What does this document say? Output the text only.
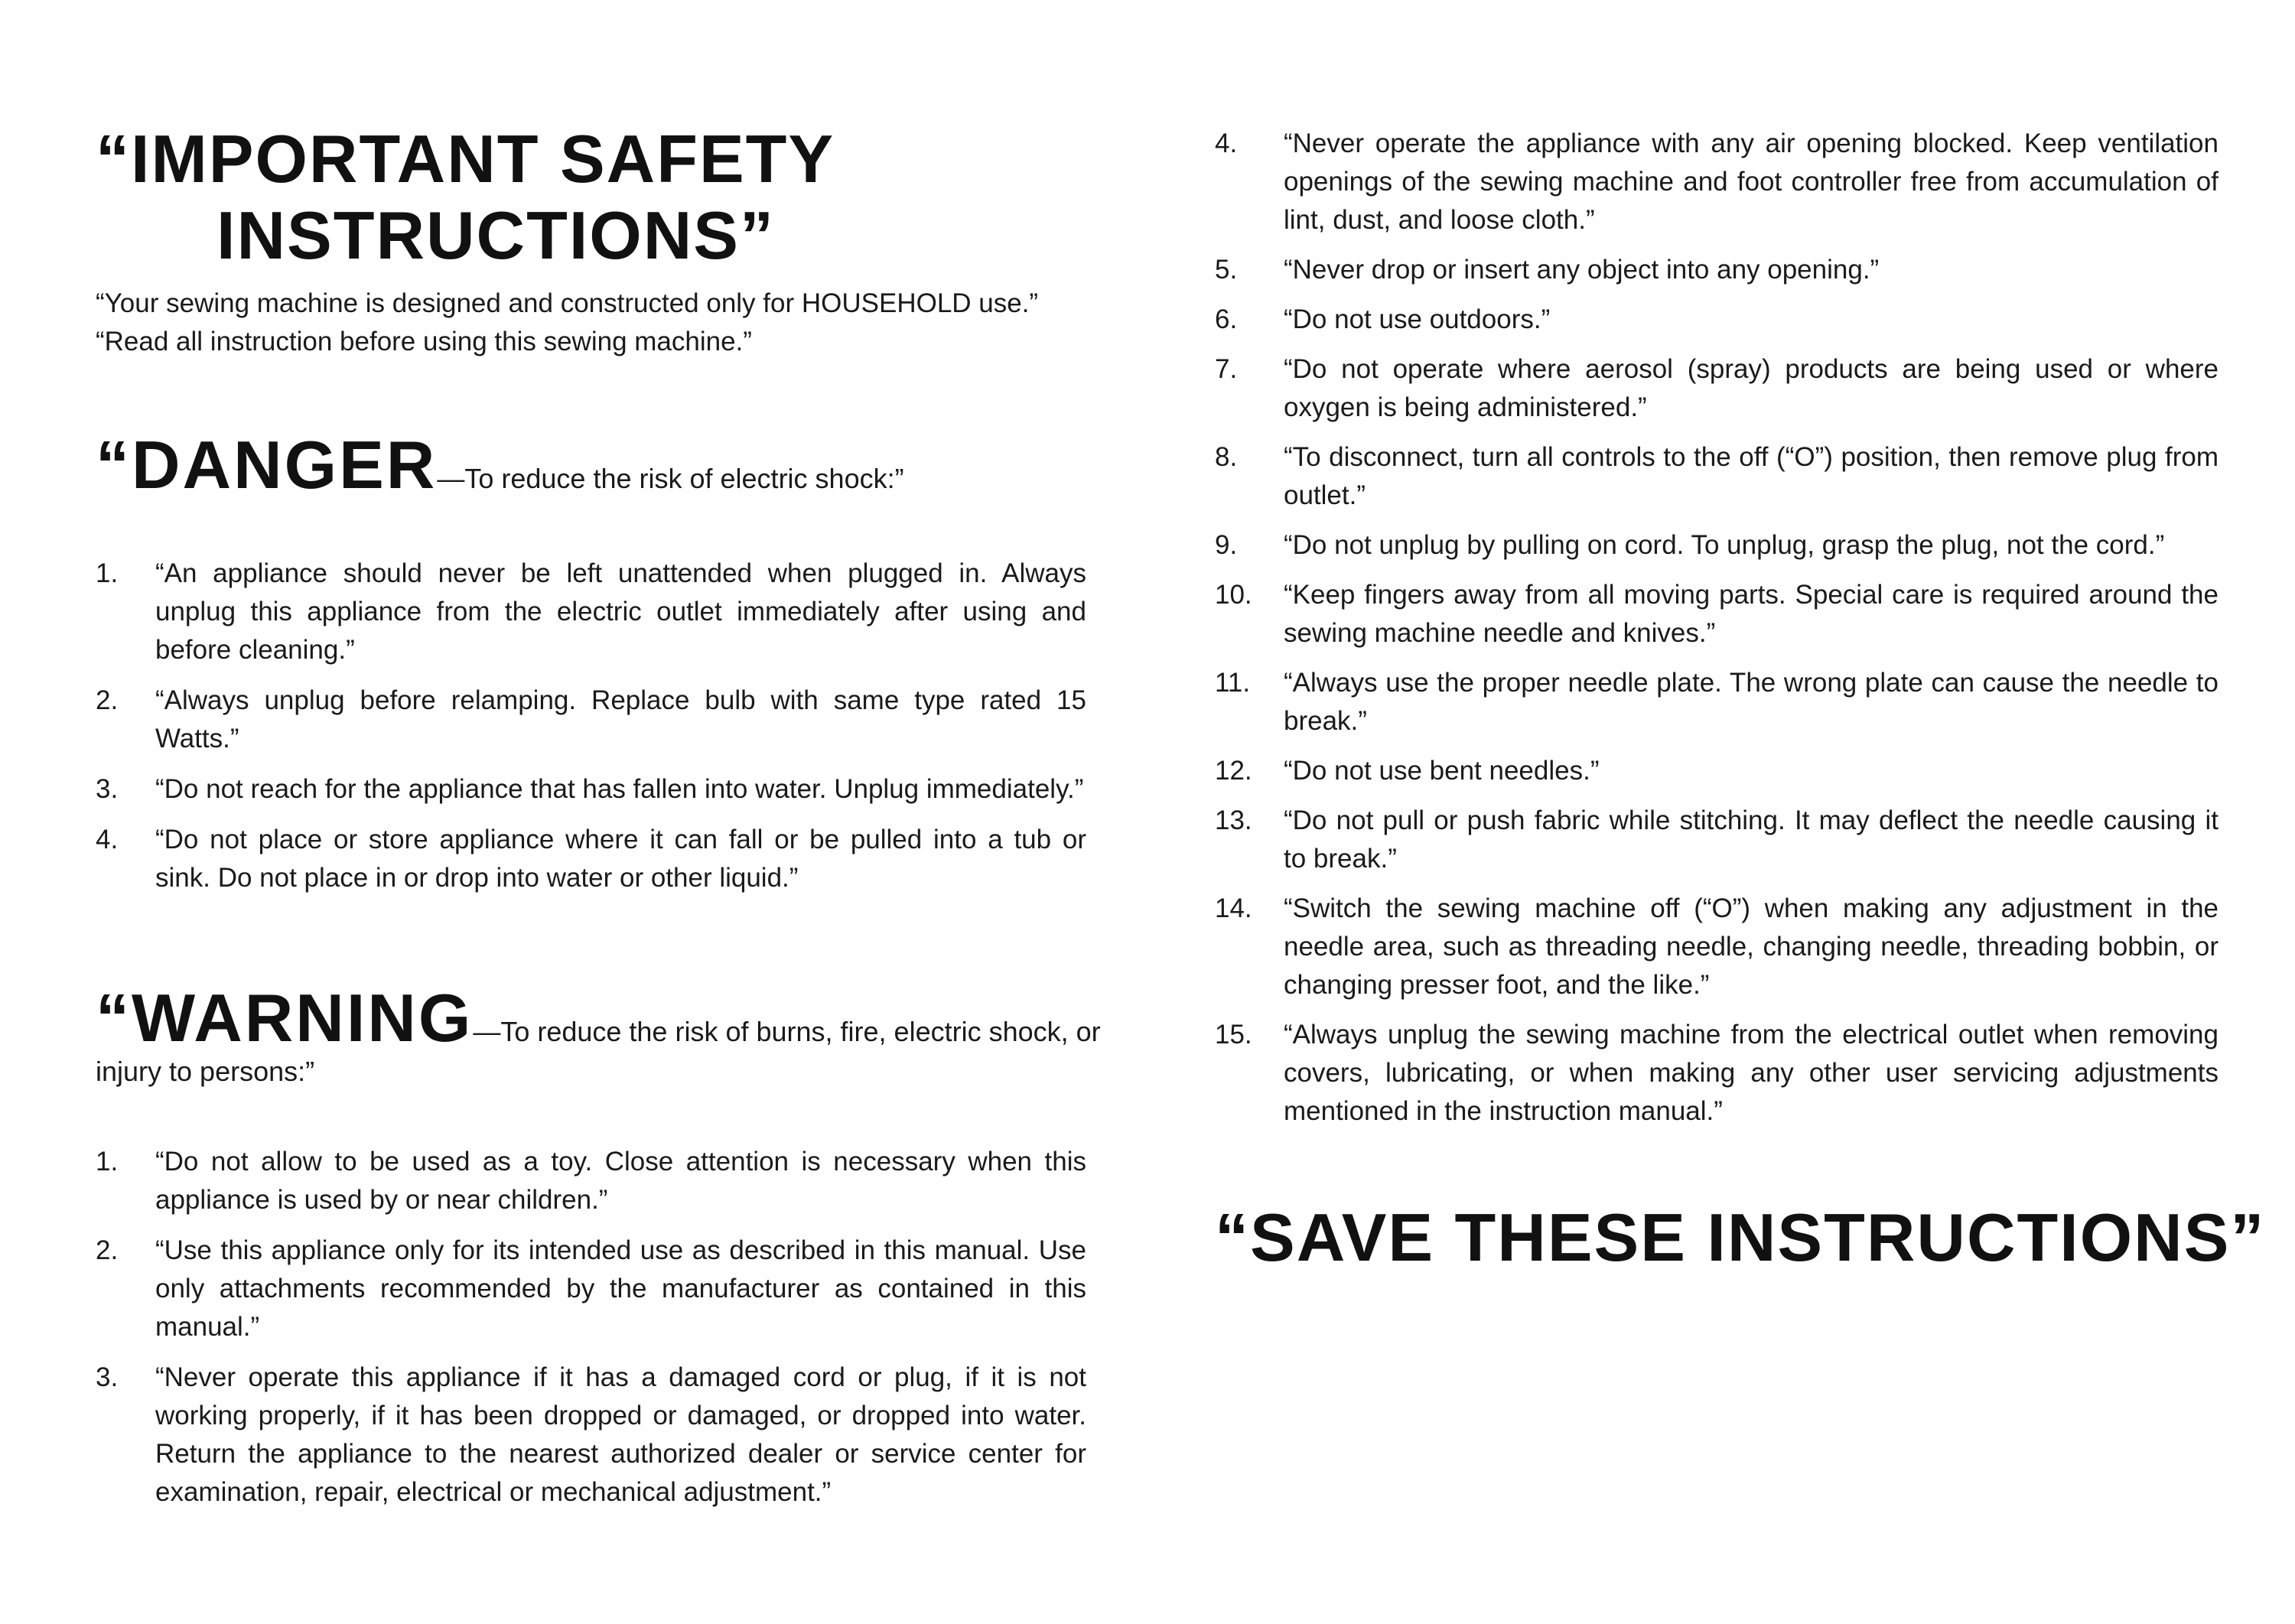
“IMPORTANT SAFETY
INSTRUCTIONS”

“Your sewing machine is designed and constructed only for HOUSEHOLD use.”

“Read all instruction before using this sewing machine.”

“DANGER—To reduce the risk of electric shock:”
1. “An appliance should never be left unattended when plugged in. Always unplug this appliance from the electric outlet immediately after using and before cleaning.”
2. “Always unplug before relamping. Replace bulb with same type rated 15 Watts.”
3. “Do not reach for the appliance that has fallen into water. Unplug immediately.”
4. “Do not place or store appliance where it can fall or be pulled into a tub or sink. Do not place in or drop into water or other liquid.”
“WARNING—To reduce the risk of burns, fire, electric shock, or injury to persons:”
1. “Do not allow to be used as a toy. Close attention is necessary when this appliance is used by or near children.”
2. “Use this appliance only for its intended use as described in this manual. Use only attachments recommended by the manufacturer as contained in this manual.”
3. “Never operate this appliance if it has a damaged cord or plug, if it is not working properly, if it has been dropped or damaged, or dropped into water. Return the appliance to the nearest authorized dealer or service center for examination, repair, electrical or mechanical adjustment.”
4. “Never operate the appliance with any air opening blocked. Keep ventilation openings of the sewing machine and foot controller free from accumulation of lint, dust, and loose cloth.”
5. “Never drop or insert any object into any opening.”
6. “Do not use outdoors.”
7. “Do not operate where aerosol (spray) products are being used or where oxygen is being administered.”
8. “To disconnect, turn all controls to the off (“O”) position, then remove plug from outlet.”
9. “Do not unplug by pulling on cord. To unplug, grasp the plug, not the cord.”
10. “Keep fingers away from all moving parts. Special care is required around the sewing machine needle and knives.”
11. “Always use the proper needle plate. The wrong plate can cause the needle to break.”
12. “Do not use bent needles.”
13. “Do not pull or push fabric while stitching. It may deflect the needle causing it to break.”
14. “Switch the sewing machine off (“O”) when making any adjustment in the needle area, such as threading needle, changing needle, threading bobbin, or changing presser foot, and the like.”
15. “Always unplug the sewing machine from the electrical outlet when removing covers, lubricating, or when making any other user servicing adjustments mentioned in the instruction manual.”
“SAVE THESE INSTRUCTIONS”
